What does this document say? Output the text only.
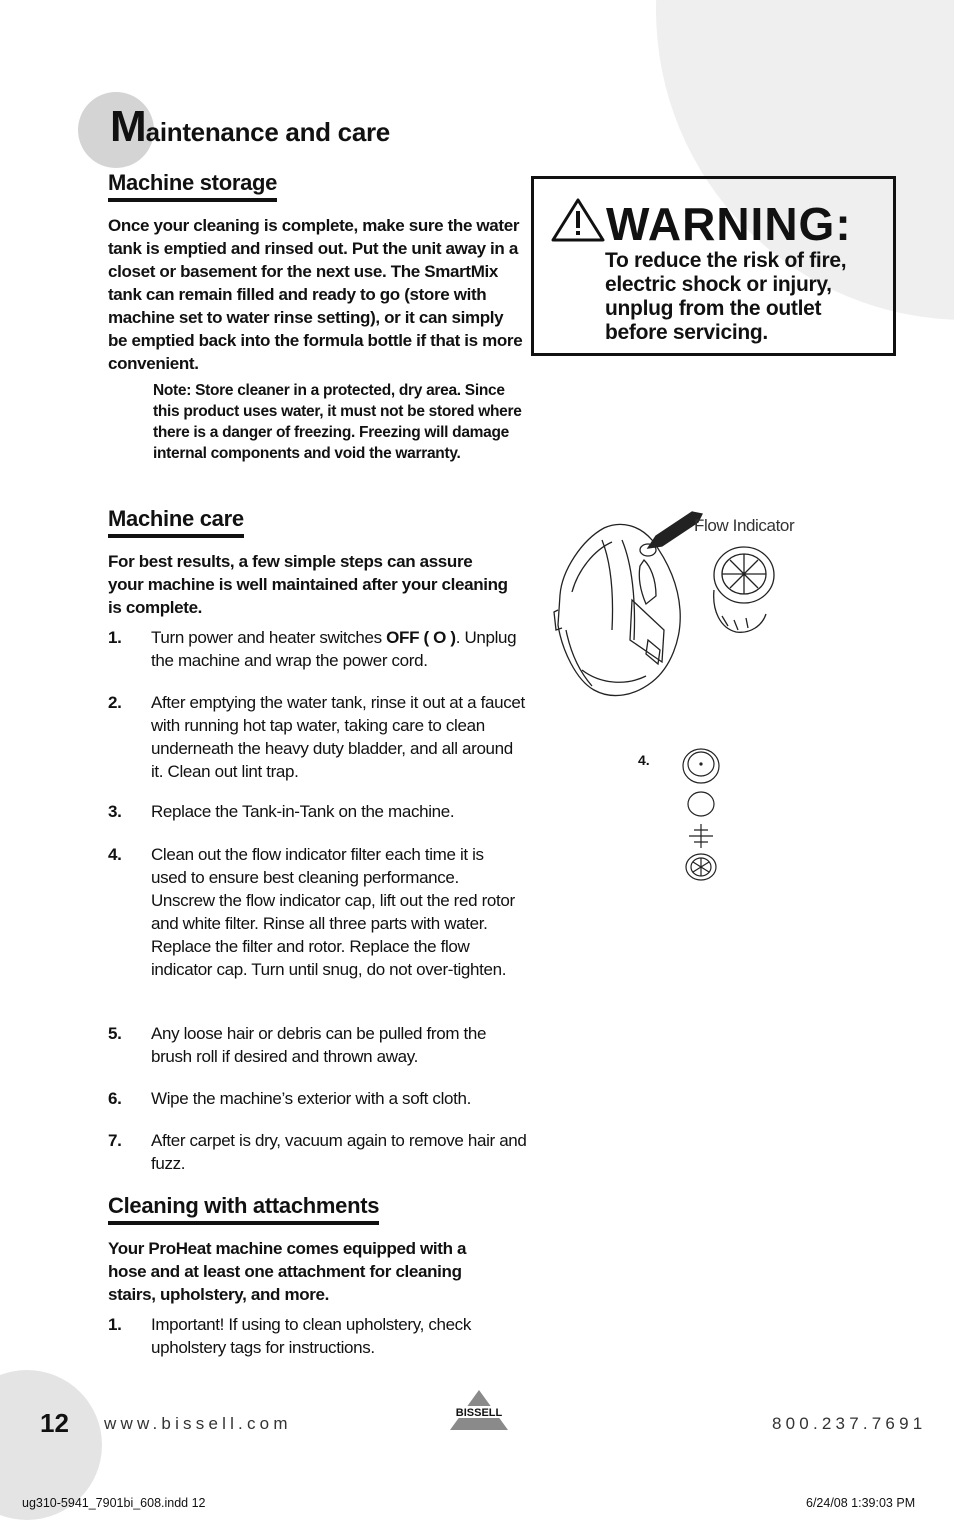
Maintenance and care
Machine storage

Once your cleaning is complete, make sure the water tank is emptied and rinsed out. Put the unit away in a closet or basement for the next use. The SmartMix tank can remain filled and ready to go (store with machine set to water rinse setting), or it can simply be emptied back into the formula bottle if that is more convenient.

Note: Store cleaner in a protected, dry area. Since this product uses water, it must not be stored where there is a danger of freezing. Freezing will damage internal components and void the warranty.

Machine care

For best results, a few simple steps can assure your machine is well maintained after your cleaning is complete.

1.	Turn power and heater switches OFF ( O ). Unplug the machine and wrap the power cord.
2.	After emptying the water tank, rinse it out at a faucet with running hot tap water, taking care to clean underneath the heavy duty bladder, and all around it. Clean out lint trap.
3.	Replace the Tank-in-Tank on the machine.
4.	Clean out the flow indicator filter each time it is used to ensure best cleaning performance. Unscrew the flow indicator cap, lift out the red rotor and white filter. Rinse all three parts with water. Replace the filter and rotor. Replace the flow indicator cap. Turn until snug, do not over-tighten.
5.	Any loose hair or debris can be pulled from the brush roll if desired and thrown away.
6.	Wipe the machine’s exterior with a soft cloth.
7.	After carpet is dry, vacuum again to remove hair and fuzz.
Cleaning with attachments

Your ProHeat machine comes equipped with a hose and at least one attachment for cleaning stairs, upholstery, and more.

1.	Important! If using to clean upholstery, check upholstery tags for instructions.
WARNING:

To reduce the risk of fire, electric shock or injury, unplug from the outlet before servicing.

Flow Indicator
4.
12 www.bissell.com
BISSELL
800.237.7691
ug310-5941_7901bi_608.indd 12	6/24/08 1:39:03 PM
